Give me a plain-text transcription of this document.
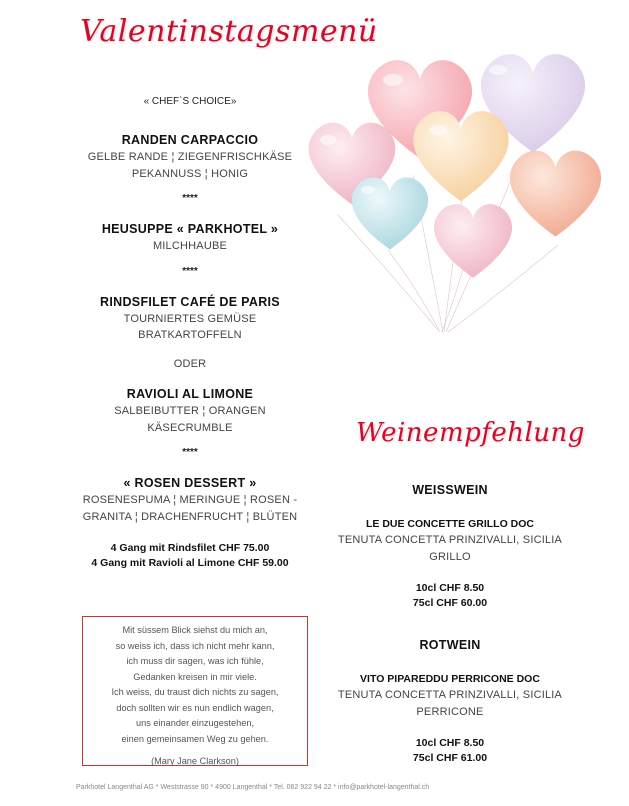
Valentinstagsmenü

« CHEF`S CHOICE»

RANDEN CARPACCIO

GELBE RANDE ¦ ZIEGENFRISCHKÄSE

PEKANNUSS ¦ HONIG

****

HEUSUPPE « PARKHOTEL »

MILCHHAUBE

****

RINDSFILET CAFÉ DE PARIS

TOURNIERTES GEMÜSE

BRATKARTOFFELN

ODER

RAVIOLI AL LIMONE

SALBEIBUTTER ¦ ORANGEN

KÄSECRUMBLE

****

« ROSEN DESSERT »

ROSENESPUMA ¦ MERINGUE ¦ ROSEN -

GRANITA ¦ DRACHENFRUCHT ¦ BLÜTEN

4 Gang mit Rindsfilet CHF 75.00

4 Gang mit Ravioli al Limone CHF 59.00

Mit süssem Blick siehst du mich an,
so weiss ich, dass ich nicht mehr kann,
ich muss dir sagen, was ich fühle,
Gedanken kreisen in mir viele.
Ich weiss, du traust dich nichts zu sagen,
doch sollten wir es nun endlich wagen,
uns einander einzugestehen,
einen gemeinsamen Weg zu gehen.
(Mary Jane Clarkson)
Weinempfehlung

WEISSWEIN

LE DUE CONCETTE GRILLO DOC

TENUTA CONCETTA PRINZIVALLI, SICILIA

GRILLO

10cl CHF 8.50

75cl CHF 60.00

ROTWEIN

VITO PIPAREDDU PERRICONE DOC

TENUTA CONCETTA PRINZIVALLI, SICILIA

PERRICONE

10cl CHF 8.50

75cl CHF 61.00

Parkhotel Langenthal AG * Weststrasse 90 * 4900 Langenthal * Tel. 062 922 94 22 * info@parkhotel-langenthal.ch
